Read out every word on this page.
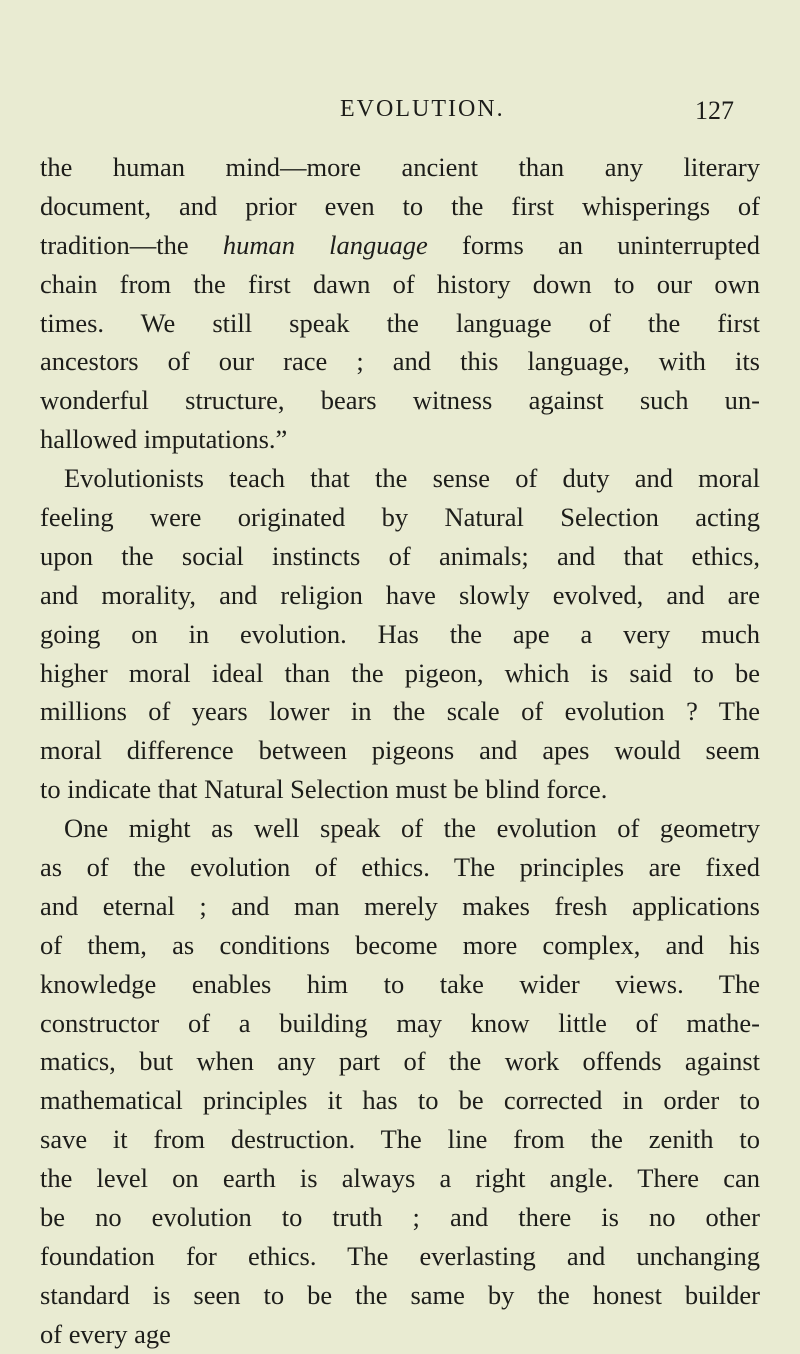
EVOLUTION.	127
the human mind—more ancient than any literary
document, and prior even to the first whisperings of
tradition—the human language forms an uninterrupted
chain from the first dawn of history down to our own
times. We still speak the language of the first
ancestors of our race ; and this language, with its
wonderful structure, bears witness against such un-
hallowed imputations.”
Evolutionists teach that the sense of duty and moral
feeling were originated by Natural Selection acting
upon the social instincts of animals; and that ethics,
and morality, and religion have slowly evolved, and are
going on in evolution. Has the ape a very much
higher moral ideal than the pigeon, which is said to be
millions of years lower in the scale of evolution ? The
moral difference between pigeons and apes would seem
to indicate that Natural Selection must be blind force.
One might as well speak of the evolution of geometry
as of the evolution of ethics. The principles are fixed
and eternal ; and man merely makes fresh applications
of them, as conditions become more complex, and his
knowledge enables him to take wider views. The
constructor of a building may know little of mathe-
matics, but when any part of the work offends against
mathematical principles it has to be corrected in order to
save it from destruction. The line from the zenith to
the level on earth is always a right angle. There can
be no evolution to truth ; and there is no other
foundation for ethics. The everlasting and unchanging
standard is seen to be the same by the honest builder
of every age
